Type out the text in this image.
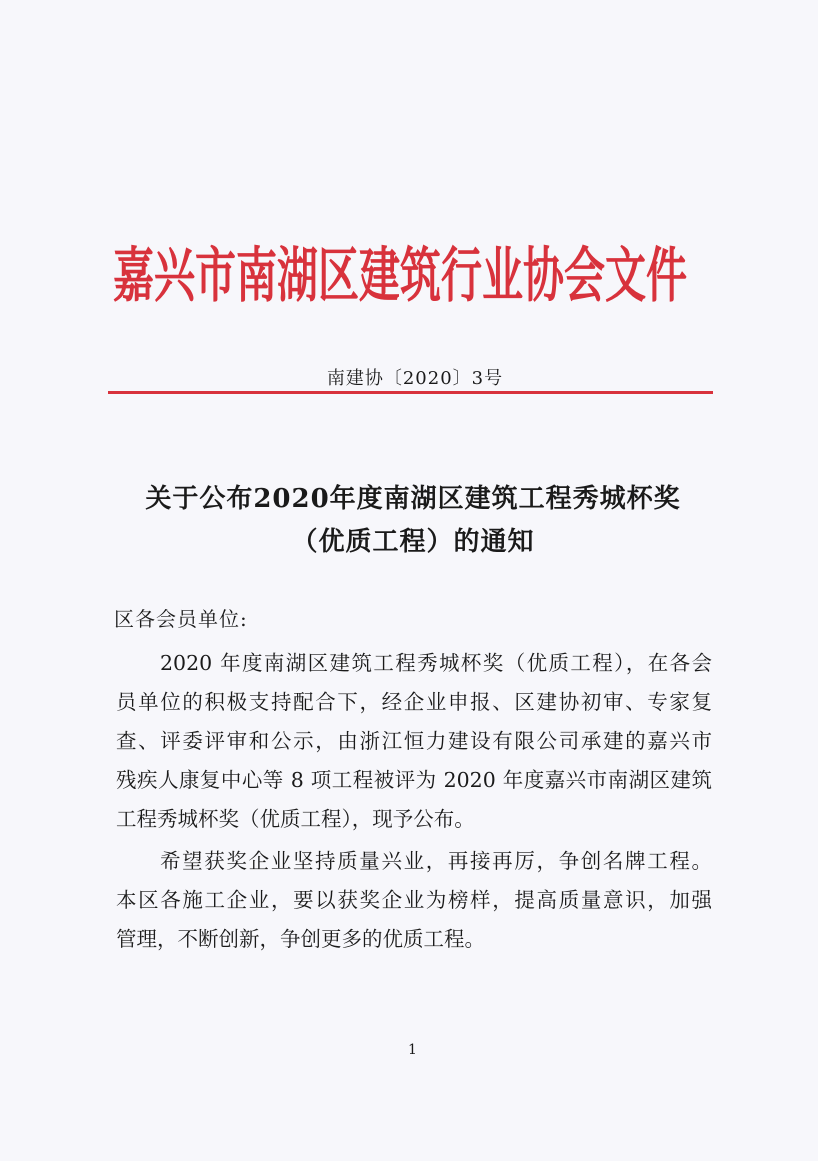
嘉兴市南湖区建筑行业协会文件
南建协〔2020〕3号
关于公布2020年度南湖区建筑工程秀城杯奖
（优质工程）的通知
区各会员单位:
2020 年度南湖区建筑工程秀城杯奖（优质工程），在各会
员单位的积极支持配合下，经企业申报、区建协初审、专家复
查、评委评审和公示，由浙江恒力建设有限公司承建的嘉兴市
残疾人康复中心等 8 项工程被评为 2020 年度嘉兴市南湖区建筑
工程秀城杯奖（优质工程），现予公布。
希望获奖企业坚持质量兴业，再接再厉，争创名牌工程。
本区各施工企业，要以获奖企业为榜样，提高质量意识，加强
管理，不断创新，争创更多的优质工程。
1
